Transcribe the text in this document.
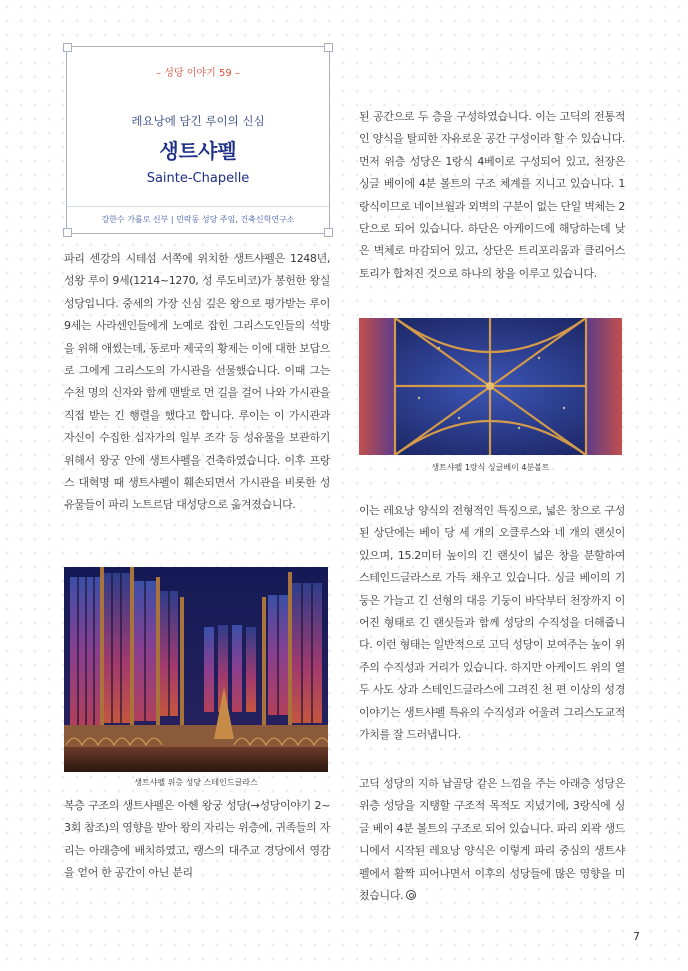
– 성당 이야기 59 –
레요낭에 담긴 루이의 신심
생트샤펠
Sainte-Chapelle
강한수 가롤로 신부 | 민락동 성당 주임, 건축신학연구소
파리 센강의 시테섬 서쪽에 위치한 생트샤펠은 1248년, 성왕 루이 9세(1214~1270, 성 루도비코)가 봉헌한 왕실 성당입니다. 중세의 가장 신심 깊은 왕으로 평가받는 루이 9세는 사라센인들에게 노예로 잡힌 그리스도인들의 석방을 위해 애썼는데, 동로마 제국의 황제는 이에 대한 보답으로 그에게 그리스도의 가시관을 선물했습니다. 이때 그는 수천 명의 신자와 함께 맨발로 먼 길을 걸어 나와 가시관을 직접 받는 긴 행렬을 했다고 합니다. 루이는 이 가시관과 자신이 수집한 십자가의 일부 조각 등 성유물을 보관하기 위해서 왕궁 안에 생트샤펠을 건축하였습니다. 이후 프랑스 대혁명 때 생트샤펠이 훼손되면서 가시관을 비롯한 성유물들이 파리 노트르담 대성당으로 옮겨졌습니다.
생트샤펠 위층 성당 스테인드글라스
복층 구조의 생트샤펠은 아헨 왕궁 성당(→성당이야기 2~3회 참조)의 영향을 받아 왕의 자리는 위층에, 귀족들의 자리는 아래층에 배치하였고, 랭스의 대주교 경당에서 영감을 얻어 한 공간이 아닌 분리
된 공간으로 두 층을 구성하였습니다. 이는 고딕의 전통적인 양식을 탈피한 자유로운 공간 구성이라 할 수 있습니다. 먼저 위층 성당은 1랑식 4베이로 구성되어 있고, 천장은 싱글 베이에 4분 볼트의 구조 체계를 지니고 있습니다. 1랑식이므로 네이브월과 외벽의 구분이 없는 단일 벽체는 2단으로 되어 있습니다. 하단은 아케이드에 해당하는데 낮은 벽체로 마감되어 있고, 상단은 트리포리움과 클리어스토리가 합쳐진 것으로 하나의 창을 이루고 있습니다.
생트샤펠 1랑식 싱글베이 4분볼트
이는 레요낭 양식의 전형적인 특징으로, 넓은 창으로 구성된 상단에는 베이 당 세 개의 오클루스와 네 개의 랜싯이 있으며, 15.2미터 높이의 긴 랜싯이 넓은 창을 분할하여 스테인드글라스로 가득 채우고 있습니다. 싱글 베이의 기둥은 가늘고 긴 선형의 대응 기둥이 바닥부터 천장까지 이어진 형태로 긴 랜싯들과 함께 성당의 수직성을 더해줍니다. 이런 형태는 일반적으로 고딕 성당이 보여주는 높이 위주의 수직성과 거리가 있습니다. 하지만 아케이드 위의 열두 사도 상과 스테인드글라스에 그려진 천 편 이상의 성경 이야기는 생트샤펠 특유의 수직성과 어울려 그리스도교적 가치를 잘 드러냅니다.
고딕 성당의 지하 납골당 같은 느낌을 주는 아래층 성당은 위층 성당을 지탱할 구조적 목적도 지녔기에, 3랑식에 싱글 베이 4분 볼트의 구조로 되어 있습니다. 파리 외곽 생드니에서 시작된 레요낭 양식은 이렇게 파리 중심의 생트샤펠에서 활짝 피어나면서 이후의 성당들에 많은 영향을 미쳤습니다.
7
